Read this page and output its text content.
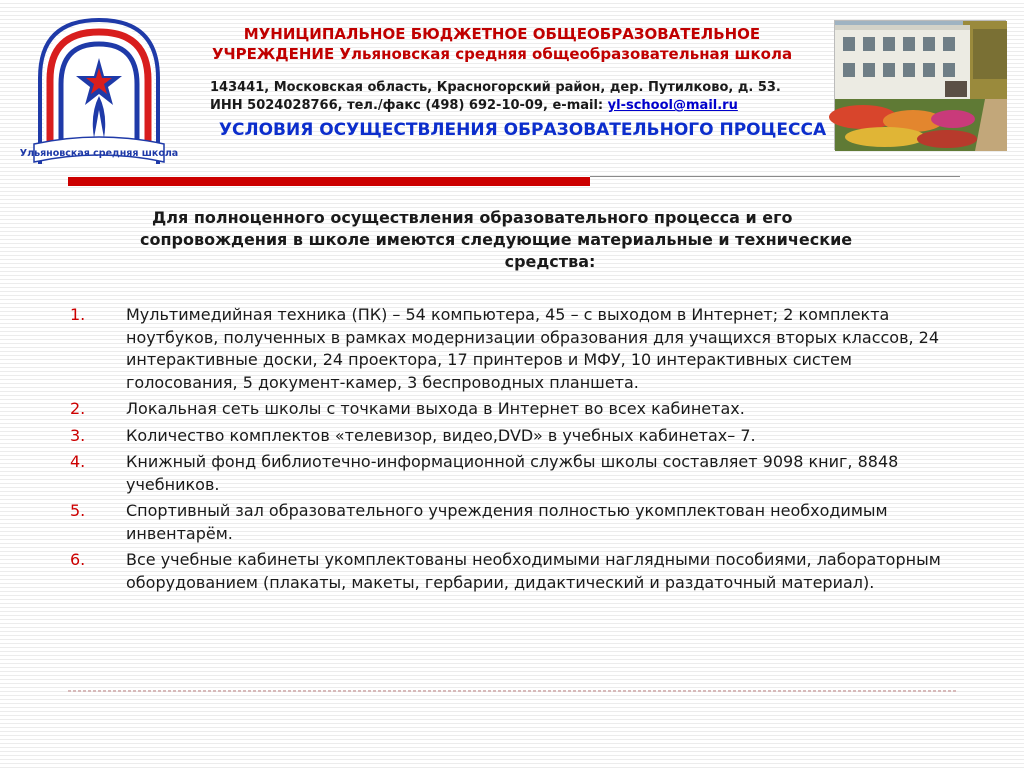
Ульяновская средняя школа
МУНИЦИПАЛЬНОЕ БЮДЖЕТНОЕ ОБЩЕОБРАЗОВАТЕЛЬНОЕ
УЧРЕЖДЕНИЕ Ульяновская средняя общеобразовательная школа
143441, Московская область, Красногорский район, дер. Путилково, д. 53.
ИНН 5024028766, тел./факс (498) 692-10-09, e-mail: yl-school@mail.ru
УСЛОВИЯ ОСУЩЕСТВЛЕНИЯ ОБРАЗОВАТЕЛЬНОГО ПРОЦЕССА
Для полноценного осуществления образовательного процесса и его
сопровождения в школе имеются следующие материальные и технические
средства:
1.	Мультимедийная техника (ПК) – 54 компьютера, 45 – с выходом в Интернет; 2 комплекта ноутбуков, полученных в рамках модернизации образования для учащихся вторых классов, 24 интерактивные доски, 24 проектора, 17 принтеров и МФУ, 10 интерактивных систем голосования, 5 документ-камер, 3 беспроводных планшета.
2.	Локальная сеть школы с точками выхода в Интернет во всех кабинетах.
3.	Количество комплектов «телевизор, видео,DVD» в учебных кабинетах– 7.
4.	Книжный фонд библиотечно-информационной службы школы составляет 9098 книг, 8848 учебников.
5.	Спортивный зал образовательного учреждения полностью укомплектован необходимым инвентарём.
6.	Все учебные кабинеты укомплектованы необходимыми наглядными пособиями, лабораторным оборудованием (плакаты, макеты, гербарии, дидактический и раздаточный материал).
